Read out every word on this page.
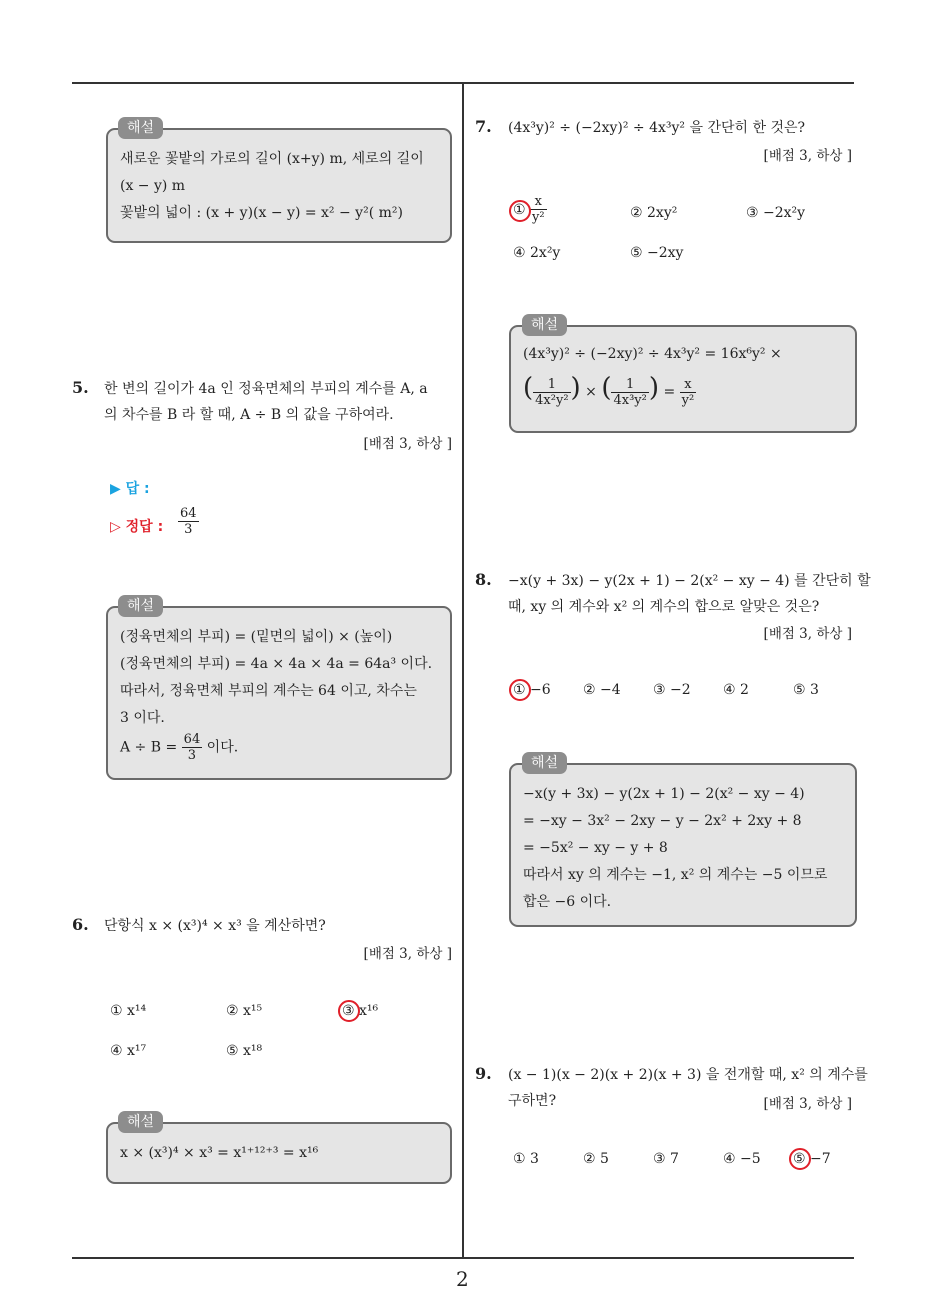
새로운 꽃밭의 가로의 길이 (x+y) m, 세로의 길이
(x − y) m
꽃밭의 넓이 : (x + y)(x − y) = x² − y²( m²)
해설
5. 한 변의 길이가 4a 인 정육면체의 부피의 계수를 A, a
의 차수를 B 라 할 때, A ÷ B 의 값을 구하여라.
[배점 3, 하상 ]
▶ 답 :
▷ 정답 : $\frac{64}{3}$
(정육면체의 부피) = (밑면의 넓이) × (높이)
(정육면체의 부피) = 4a × 4a × 4a = 64a³ 이다.
따라서, 정육면체 부피의 계수는 64 이고, 차수는
3 이다.
$A \div B = \frac{64}{3}$ 이다.
해설
6. 단항식 x × (x³)⁴ × x³ 을 계산하면?
[배점 3, 하상 ]
① x¹⁴	② x¹⁵	③ x¹⁶
④ x¹⁷	⑤ x¹⁸
x × (x³)⁴ × x³ = x¹⁺¹²⁺³ = x¹⁶
해설
7. (4x³y)² ÷ (−2xy)² ÷ 4x³y² 을 간단히 한 것은?
[배점 3, 하상 ]
① $\frac{x}{\text{y²}}$	② 2xy²	③ −2x²y
④ 2x²y	⑤ −2xy
(4x³y)² ÷ (−2xy)² ÷ 4x³y² = 16x⁶y² ×
( $\frac{1}{\text{4x²y²}}$ ) × ( $\frac{1}{\text{4x³y²}}$ ) = $\frac{x}{\text{y²}}$
해설
8. −x(y + 3x) − y(2x + 1) − 2(x² − xy − 4) 를 간단히 할
때, xy 의 계수와 x² 의 계수의 합으로 알맞은 것은?
[배점 3, 하상 ]
① −6 ② −4 ③ −2 ④ 2	⑤ 3
−x(y + 3x) − y(2x + 1) − 2(x² − xy − 4)
= −xy − 3x² − 2xy − y − 2x² + 2xy + 8
= −5x² − xy − y + 8
따라서 xy 의 계수는 −1, x² 의 계수는 −5 이므로
합은 −6 이다.
해설
9. (x − 1)(x − 2)(x + 2)(x + 3) 을 전개할 때, x² 의 계수를
구하면?	[배점 3, 하상 ]
① 3	② 5	③ 7	④ −5 ⑤ −7
2
